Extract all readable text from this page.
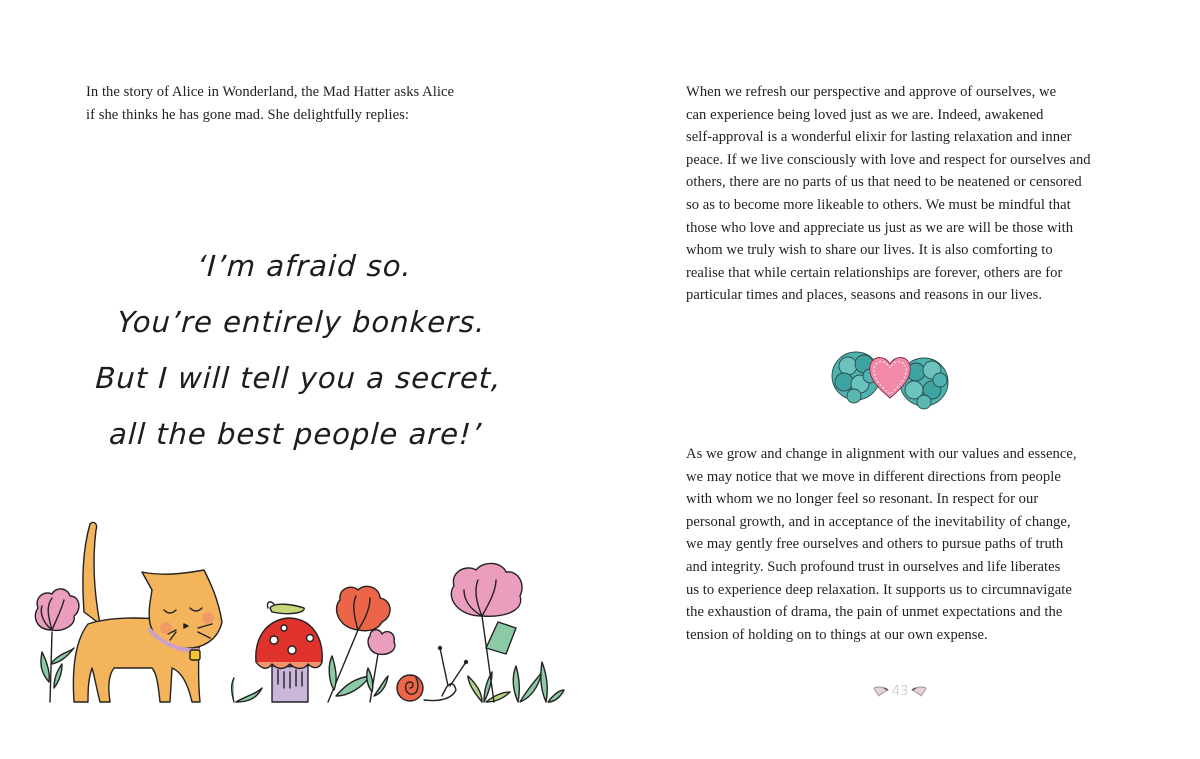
In the story of Alice in Wonderland, the Mad Hatter asks Alice
if she thinks he has gone mad. She delightfully replies:
‘I’m afraid so.
You’re entirely bonkers.
But I will tell you a secret,
all the best people are!’
When we refresh our perspective and approve of ourselves, we
can experience being loved just as we are. Indeed, awakened
self-approval is a wonderful elixir for lasting relaxation and inner
peace. If we live consciously with love and respect for ourselves and
others, there are no parts of us that need to be neatened or censored
so as to become more likeable to others. We must be mindful that
those who love and appreciate us just as we are will be those with
whom we truly wish to share our lives. It is also comforting to
realise that while certain relationships are forever, others are for
particular times and places, seasons and reasons in our lives.
As we grow and change in alignment with our values and essence,
we may notice that we move in different directions from people
with whom we no longer feel so resonant. In respect for our
personal growth, and in acceptance of the inevitability of change,
we may gently free ourselves and others to pursue paths of truth
and integrity. Such profound trust in ourselves and life liberates
us to experience deep relaxation. It supports us to circumnavigate
the exhaustion of drama, the pain of unmet expectations and the
tension of holding on to things at our own expense.
43
